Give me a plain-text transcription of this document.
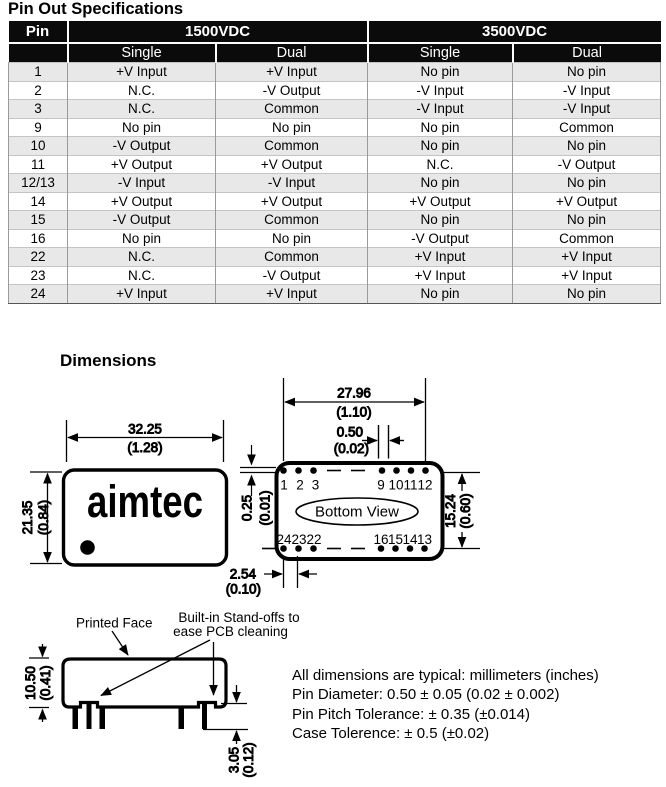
Pin Out Specifications
Pin	1500VDC		3500VDC	
	Single	Dual	Single	Dual
1	+V Input	+V Input	No pin	No pin
2	N.C.	-V Output	-V Input	-V Input
3	N.C.	Common	-V Input	-V Input
9	No pin	No pin	No pin	Common
10	-V Output	Common	No pin	No pin
11	+V Output	+V Output	N.C.	-V Output
12/13	-V Input	-V Input	No pin	No pin
14	+V Output	+V Output	+V Output	+V Output
15	-V Output	Common	No pin	No pin
16	No pin	No pin	-V Output	Common
22	N.C.	Common	+V Input	+V Input
23	N.C.	-V Output	+V Input	+V Input
24	+V Input	+V Input	No pin	No pin
Dimensions
aimtec
32.25
(1.28)
21.35 (0.84)
1 2 3	9 10 11 12
24 23 22	16 15 14 13
Bottom View
27.96
(1.10)
0.50
(0.02)
0.25 (0.01)	15.24 (0.60)
2.54
(0.10)
10.50 (0.41)
3.05 (0.12)
Printed Face Built-in Stand-offs to
ease PCB cleaning
All dimensions are typical: millimeters (inches)
Pin Diameter: 0.50 ± 0.05 (0.02 ± 0.002)
Pin Pitch Tolerance: ± 0.35 (±0.014)
Case Tolerence: ± 0.5 (±0.02)
